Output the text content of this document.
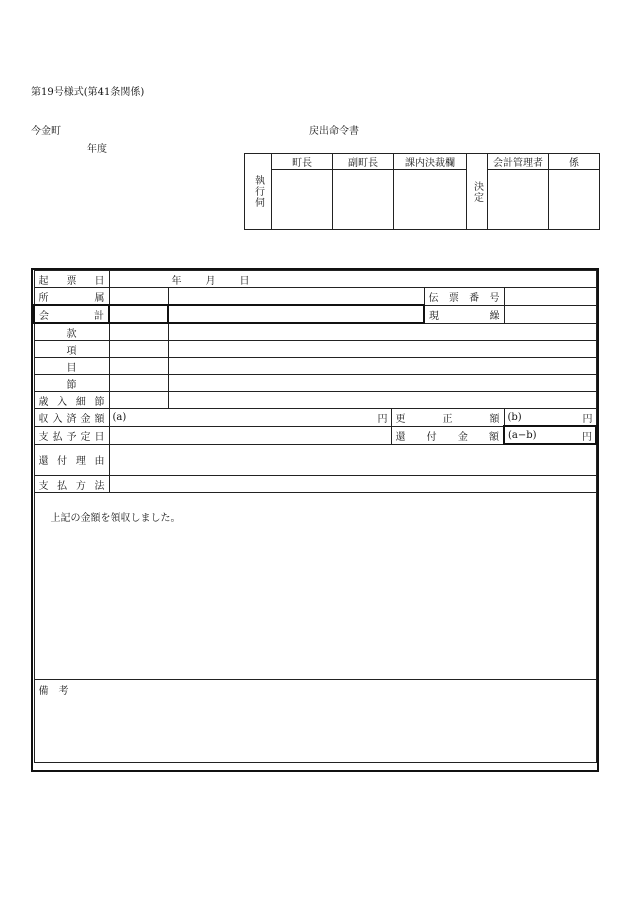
第19号様式(第41条関係)
今金町	戻出命令書
年度
執行伺	町長	副町長	課内決裁欄	決定	会計管理者	係

起　票　日	年 月 日				
所　　属				伝　票　番　号	
会　　計				現　　　繰	
款					
項					
目					
節					
歳入細節					
収入済金額	(a) 円		更　正　額		(b) 円

支払予定日			還 付 金 額		(a−b) 円

還 付 理 由					
支 払 方 法					

上記の金額を領収しました。					

備　考					
